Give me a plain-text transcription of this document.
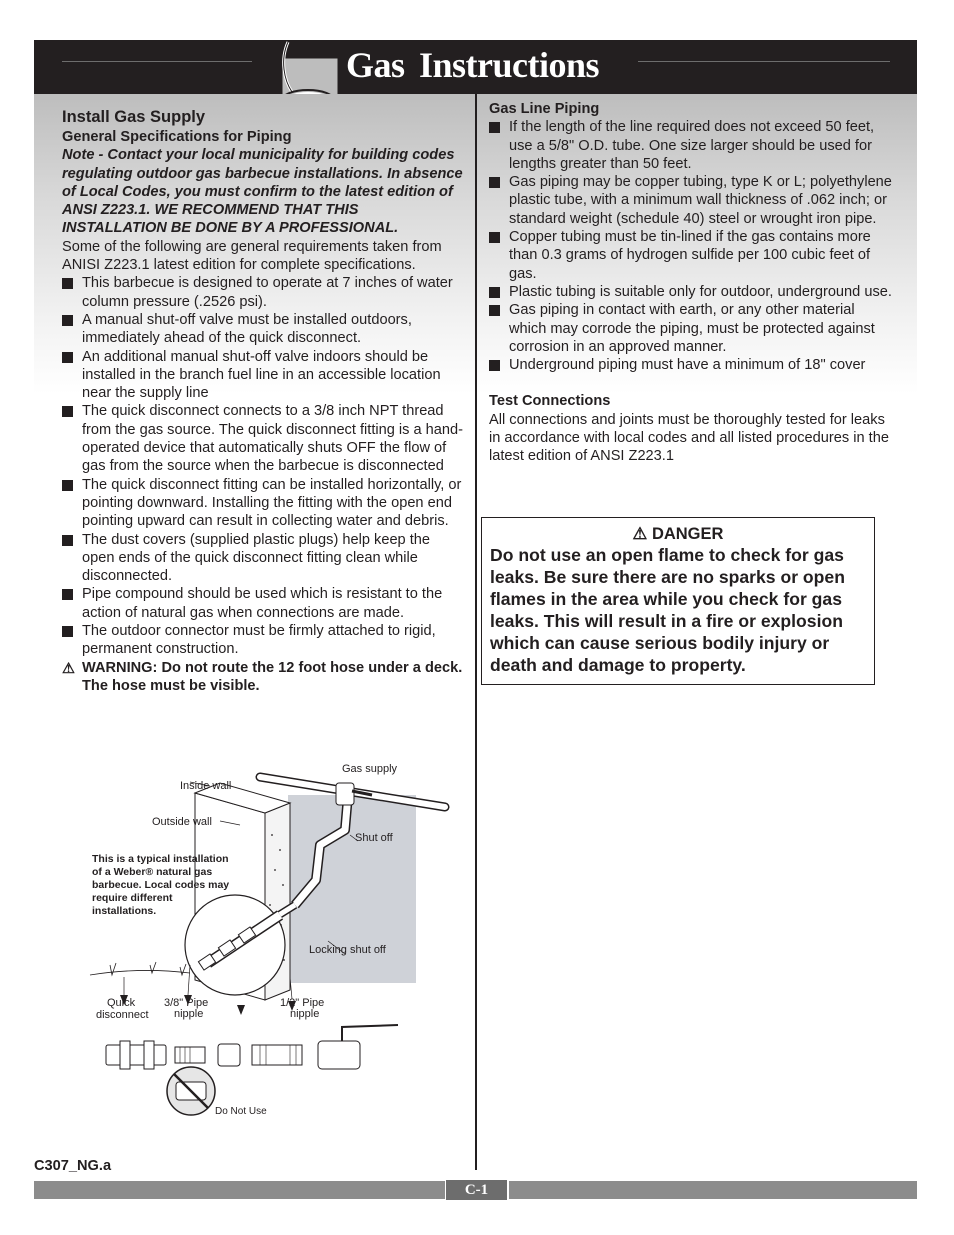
Gas Instructions
Install Gas Supply
General Specifications for Piping
Note - Contact your local municipality for building codes regulating outdoor gas barbecue installations. In absence of Local Codes, you must confirm to the latest edition of ANSI Z223.1. WE RECOMMEND THAT THIS INSTALLATION BE DONE BY A PROFESSIONAL.
Some of the following are general requirements taken from ANISI Z223.1 latest edition for complete specifications.
This barbecue is designed to operate at 7 inches of water column pressure (.2526 psi).
A manual shut-off valve must be installed outdoors, immediately ahead of the quick disconnect.
An additional manual shut-off valve indoors should be installed in the branch fuel line in an accessible location near the supply line
The quick disconnect connects to a 3/8 inch NPT thread from the gas source. The quick disconnect fitting is a hand-operated device that automatically shuts OFF the flow of gas from the source when the barbecue is disconnected
The quick disconnect fitting can be installed horizontally, or pointing downward. Installing the fitting with the open end pointing upward can result in collecting water and debris.
The dust covers (supplied plastic plugs) help keep the open ends of the quick disconnect fitting clean while disconnected.
Pipe compound should be used which is resistant to the action of natural gas when connections are made.
The outdoor connector must be firmly attached to rigid, permanent construction.
⚠ WARNING: Do not route the 12 foot hose under a deck. The hose must be visible.
Gas Line Piping
If the length of the line required does not exceed 50 feet, use a 5/8" O.D. tube. One size larger should be used for lengths greater than 50 feet.
Gas piping may be copper tubing, type K or L; polyethylene plastic tube, with a minimum wall thickness of .062 inch; or standard weight (schedule 40) steel or wrought iron pipe.
Copper tubing must be tin-lined if the gas contains more than 0.3 grams of hydrogen sulfide per 100 cubic feet of gas.
Plastic tubing is suitable only for outdoor, underground use.
Gas piping in contact with earth, or any other material which may corrode the piping, must be protected against corrosion in an approved manner.
Underground piping must have a minimum of 18" cover
Test Connections
All connections and joints must be thoroughly tested for leaks in accordance with local codes and all listed procedures in the latest edition of ANSI Z223.1
⚠ DANGER
Do not use an open flame to check for gas leaks. Be sure there are no sparks or open flames in the area while you check for gas leaks. This will result in a fire or explosion which can cause serious bodily injury or death and damage to property.
Gas supply
Inside wall
Outside wall
Shut off
Locking shut off
This is a typical installation
of a Weber® natural gas
barbecue. Local codes may
require different
installations.
Quick
disconnect
3/8" Pipe
nipple
1/2" Pipe
nipple
Do Not Use
C307_NG.a
C-1
